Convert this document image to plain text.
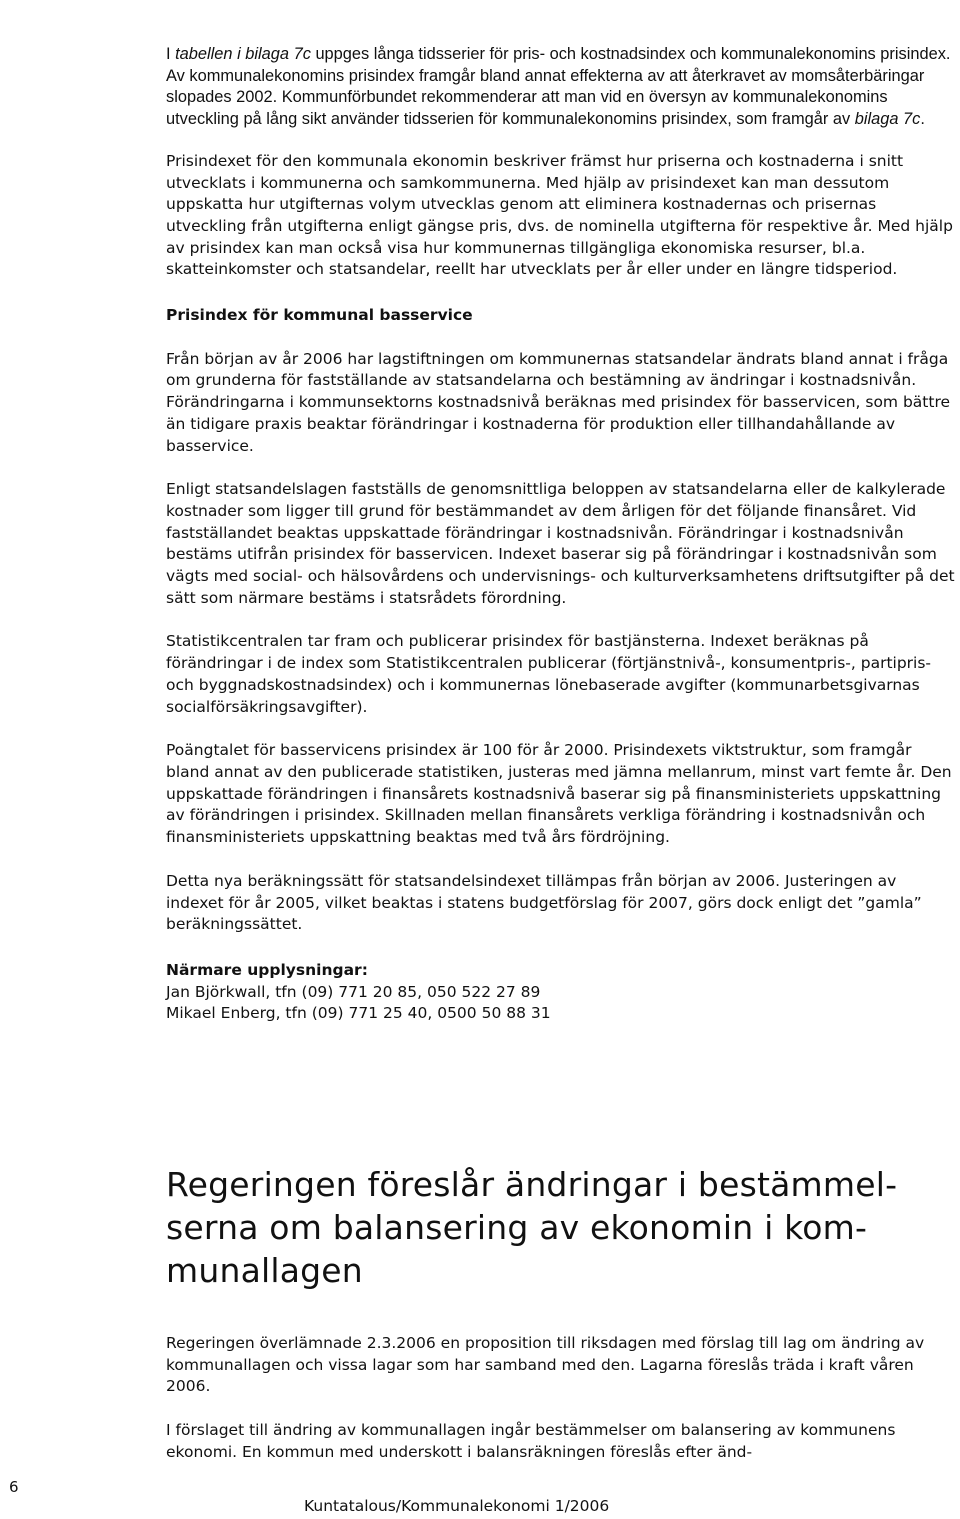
I tabellen i bilaga 7c uppges långa tidsserier för pris- och kostnadsindex och kommunalekonomins prisindex. Av kommunalekonomins prisindex framgår bland annat effekterna av att återkravet av momsåterbäringar slopades 2002. Kommunförbundet rekommenderar att man vid en översyn av kommunalekonomins utveckling på lång sikt använder tidsserien för kommunalekonomins prisindex, som framgår av bilaga 7c.

Prisindexet för den kommunala ekonomin beskriver främst hur priserna och kostnaderna i snitt utvecklats i kommunerna och samkommunerna. Med hjälp av prisindexet kan man dessutom uppskatta hur utgifternas volym utvecklas genom att eliminera kostnadernas och prisernas utveckling från utgifterna enligt gängse pris, dvs. de nominella utgifterna för respektive år. Med hjälp av prisindex kan man också visa hur kommunernas tillgängliga ekonomiska resurser, bl.a. skatteinkomster och statsandelar, reellt har utvecklats per år eller under en längre tidsperiod.

Prisindex för kommunal basservice

Från början av år 2006 har lagstiftningen om kommunernas statsandelar ändrats bland annat i fråga om grunderna för fastställande av statsandelarna och bestämning av ändringar i kostnadsnivån. Förändringarna i kommunsektorns kostnadsnivå beräknas med prisindex för basservicen, som bättre än tidigare praxis beaktar förändringar i kostnaderna för produktion eller tillhandahållande av basservice.

Enligt statsandelslagen fastställs de genomsnittliga beloppen av statsandelarna eller de kalkylerade kostnader som ligger till grund för bestämmandet av dem årligen för det följande finansåret. Vid fastställandet beaktas uppskattade förändringar i kostnadsnivån. Förändringar i kostnadsnivån bestäms utifrån prisindex för basservicen. Indexet baserar sig på förändringar i kostnadsnivån som vägts med social- och hälsovårdens och undervisnings- och kulturverksamhetens driftsutgifter på det sätt som närmare bestäms i statsrådets förordning.

Statistikcentralen tar fram och publicerar prisindex för bastjänsterna. Indexet beräknas på förändringar i de index som Statistikcentralen publicerar (förtjänstnivå-, konsumentpris-, partipris- och byggnadskostnadsindex) och i kommunernas lönebaserade avgifter (kommunarbetsgivarnas socialförsäkringsavgifter).

Poängtalet för basservicens prisindex är 100 för år 2000. Prisindexets viktstruktur, som framgår bland annat av den publicerade statistiken, justeras med jämna mellanrum, minst vart femte år. Den uppskattade förändringen i finansårets kostnadsnivå baserar sig på finansministeriets uppskattning av förändringen i prisindex. Skillnaden mellan finansårets verkliga förändring i kostnadsnivån och finansministeriets uppskattning beaktas med två års fördröjning.

Detta nya beräkningssätt för statsandelsindexet tillämpas från början av 2006. Justeringen av indexet för år 2005, vilket beaktas i statens budgetförslag för 2007, görs dock enligt det ”gamla” beräkningssättet.

Närmare upplysningar:

Jan Björkwall, tfn (09) 771 20 85, 050 522 27 89

Mikael Enberg, tfn (09) 771 25 40, 0500 50 88 31

Regeringen föreslår ändringar i bestämmel-
serna om balansering av ekonomin i kom-
munallagen

Regeringen överlämnade 2.3.2006 en proposition till riksdagen med förslag till lag om ändring av kommunallagen och vissa lagar som har samband med den. Lagarna föreslås träda i kraft våren 2006.

I förslaget till ändring av kommunallagen ingår bestämmelser om balansering av kommunens ekonomi. En kommun med underskott i balansräkningen föreslås efter änd-

6
Kuntatalous/Kommunalekonomi 1/2006
